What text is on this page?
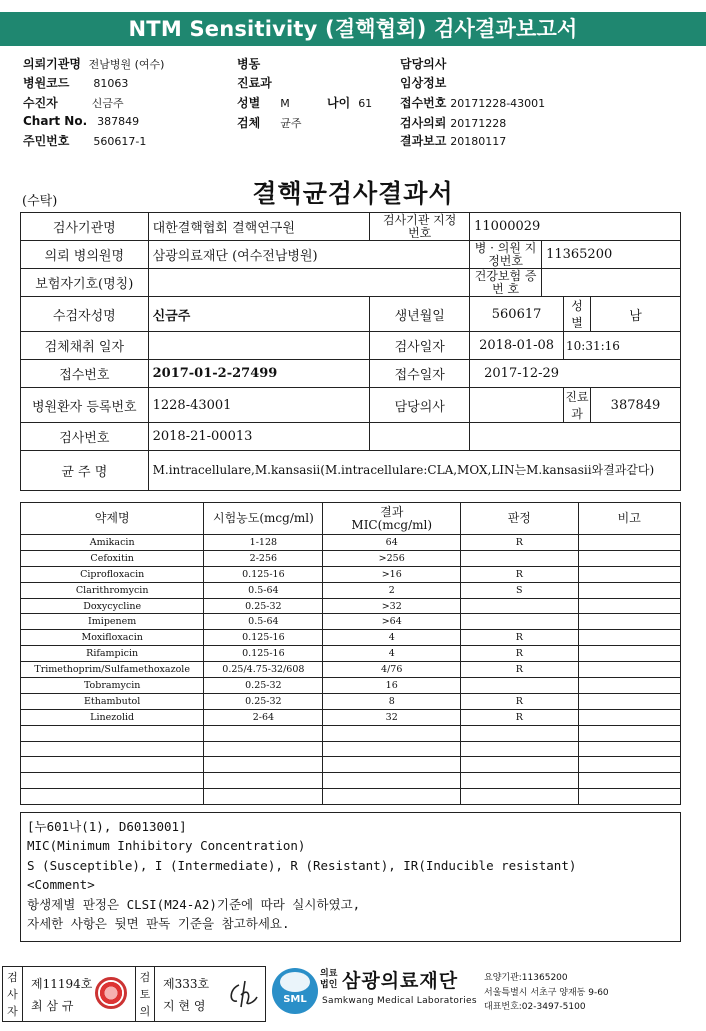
NTM Sensitivity (결핵협회) 검사결과보고서
의뢰기관명 전남병원 (여수)
병원코드 81063
수진자	신금주
Chart No. 387849
주민번호 560617-1
병동
진료과
성별 M	나이 61
검체 균주
담당의사
임상정보
접수번호 20171228-43001
검사의뢰 20171228
결과보고 20180117
(수탁)	결핵균검사결과서
검사기관명	대한결핵협회 결핵연구원	검사기관 지정번호	11000029			
의뢰 병의원명	삼광의료재단 (여수전남병원)		병 · 의원 지정번호	11365200		
보험자기호(명칭)			건강보험 증 번 호			
수검자성명	신금주	생년월일	560617		성별	남
검체채취 일자		검사일자	2018-01-08		10:31:16	
접수번호	2017-01-2-27499	접수일자	2017-12-29			
병원환자 등록번호	1228-43001	담당의사			진료과	387849
검사번호	2018-21-00013					
균 주 명	M.intracellulare,M.kansasii(M.intracellulare:CLA,MOX,LIN는M.kansasii와결과같다)					
약제명	시험농도(mcg/ml)	결과 MIC(mcg/ml)	판정	비고
Amikacin	1-128	64	R	
Cefoxitin	2-256	>256		
Ciprofloxacin	0.125-16	>16	R	
Clarithromycin	0.5-64	2	S	
Doxycycline	0.25-32	>32		
Imipenem	0.5-64	>64		
Moxifloxacin	0.125-16	4	R	
Rifampicin	0.125-16	4	R	
Trimethoprim/Sulfamethoxazole	0.25/4.75-32/608	4/76	R	
Tobramycin	0.25-32	16		
Ethambutol	0.25-32	8	R	
Linezolid	2-64	32	R	

[누601나(1), D6013001]
MIC(Minimum Inhibitory Concentration)
S (Susceptible), I (Intermediate), R (Resistant), IR(Inducible resistant)
<Comment>
항생제별 판정은 CLSI(M24-A2)기준에 따라 실시하였고,
자세한 사항은 뒷면 판독 기준을 참고하세요.
검사자
제11194호
최 삼 규
검토의
제333호
지 현 영	SML
의료 법인 삼광의료재단
Samkwang Medical Laboratories
요양기관:11365200
서울특별시 서초구 양재동 9-60
대표번호:02-3497-5100
